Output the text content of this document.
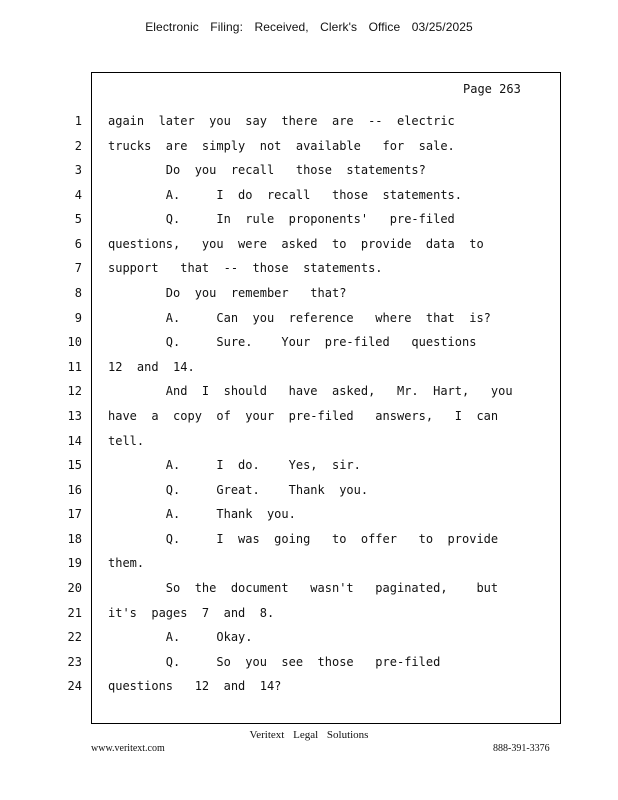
Electronic Filing: Received, Clerk's Office 03/25/2025
Page 263
1 again  later  you  say  there  are  --  electric
2 trucks  are  simply  not  available   for  sale.
3 Do  you  recall   those  statements?
4 A.     I  do  recall   those  statements.
5 Q.     In  rule  proponents'   pre-filed
6 questions,   you  were  asked  to  provide  data  to
7 support   that  --  those  statements.
8 Do  you  remember   that?
9 A.     Can  you  reference   where  that  is?
10 Q.     Sure.    Your  pre-filed   questions
11 12  and  14.
12 And  I  should   have  asked,   Mr.  Hart,   you
13 have  a  copy  of  your  pre-filed   answers,   I  can
14 tell.
15 A.     I  do.    Yes,  sir.
16 Q.     Great.    Thank  you.
17 A.     Thank  you.
18 Q.     I  was  going   to  offer   to  provide
19 them.
20 So  the  document   wasn't   paginated,    but
21 it's  pages  7  and  8.
22 A.     Okay.
23 Q.     So  you  see  those   pre-filed
24 questions   12  and  14?
Veritext Legal Solutions
www.veritext.com	888-391-3376
